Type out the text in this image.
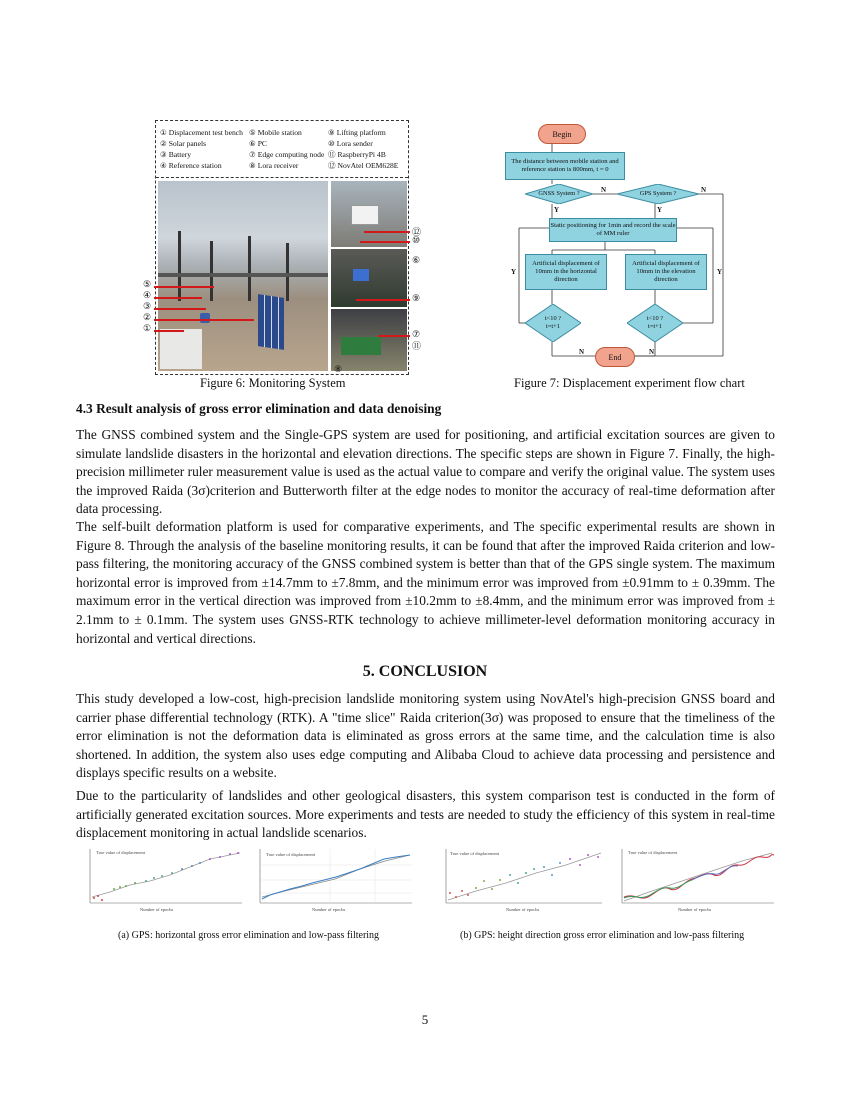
① Displacement test bench
② Solar panels
③ Battery
④ Reference station
⑤ Mobile station
⑥ PC
⑦ Edge computing node
⑧ Lora receiver
⑨ Lifting platform
⑩ Lora sender
⑪ RaspberryPi 4B
⑫ NovAtel OEM628E
⑤
④
③
②
①
⑫
⑩
⑥
⑨
⑦
⑪
⑧
Figure 6: Monitoring System
Begin
The distance between mobile station and reference station is 800mm, t = 0
GNSS System ?	GPS System ?
Static positioning for 1min and record the scale of MM ruler
Artificial displacement of 10mm in the horizontal direction
Artificial displacement of 10mm in the elevation direction
t<10 ?
t=t+1
t<10 ?
t=t+1
End
Y	Y
N	N
Y	Y
N	N
Figure 7: Displacement experiment flow chart
4.3 Result analysis of gross error elimination and data denoising

The GNSS combined system and the Single-GPS system are used for positioning, and artificial excitation sources are given to simulate landslide disasters in the horizontal and elevation directions. The specific steps are shown in Figure 7. Finally, the high-precision millimeter ruler measurement value is used as the actual value to compare and verify the original value. The system uses the improved Raida (3σ)criterion and Butterworth filter at the edge nodes to monitor the accuracy of real-time deformation after data processing.

The self-built deformation platform is used for comparative experiments, and The specific experimental results are shown in Figure 8. Through the analysis of the baseline monitoring results, it can be found that after the improved Raida criterion and low-pass filtering, the monitoring accuracy of the GNSS combined system is better than that of the GPS single system. The maximum horizontal error is improved from ±14.7mm to ±7.8mm, and the minimum error was improved from ±0.91mm to ± 0.39mm. The maximum error in the vertical direction was improved from ±10.2mm to ±8.4mm, and the minimum error was improved from ± 2.1mm to ± 0.1mm. The system uses GNSS-RTK technology to achieve millimeter-level deformation monitoring accuracy in horizontal and vertical directions.

5. CONCLUSION

This study developed a low-cost, high-precision landslide monitoring system using NovAtel's high-precision GNSS board and carrier phase differential technology (RTK). A "time slice" Raida criterion(3σ) was proposed to ensure that the timeliness of the error elimination is not the deformation data is eliminated as gross errors at the same time, and the calculation time is also shortened. In addition, the system also uses edge computing and Alibaba Cloud to achieve data processing and persistence and displays specific results on a website.

Due to the particularity of landslides and other geological disasters, this system comparison test is conducted in the form of artificially generated excitation sources. More experiments and tests are needed to study the efficiency of this system in real-time displacement monitoring in actual landslide scenarios.

True value of displacement
Number of epochs
True value of displacement
Number of epochs
True value of displacement
Number of epochs
True value of displacement
Number of epochs
(a) GPS: horizontal gross error elimination and low-pass filtering	(b) GPS: height direction gross error elimination and low-pass filtering
5
